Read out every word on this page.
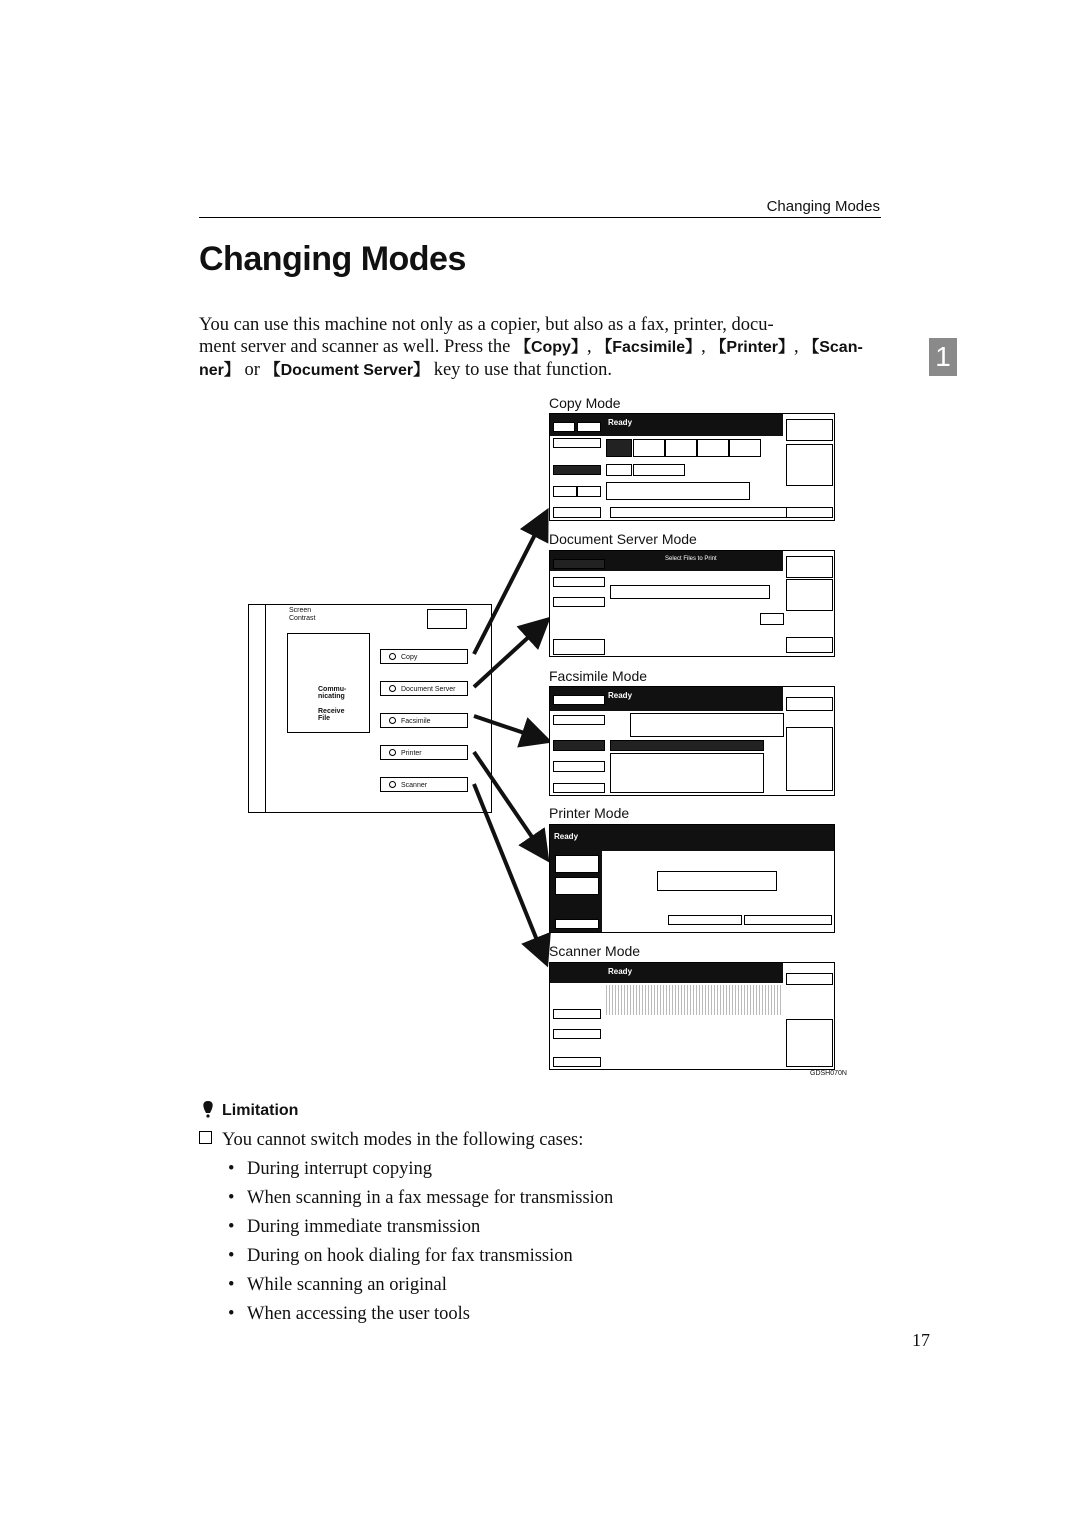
Changing Modes
1
Changing Modes
You can use this machine not only as a copier, but also as a fax, printer, docu-
ment server and scanner as well. Press the 【Copy】, 【Facsimile】, 【Printer】, 【Scan-
ner】 or 【Document Server】 key to use that function.
Screen Contrast
Commu- nicating
Receive File
Copy
Document Server
Facsimile
Printer
Scanner
Copy Mode
Ready
Document Server Mode
Select Files to Print
Facsimile Mode
Ready
Printer Mode
Ready
Scanner Mode
Ready
GDSH070N
Limitation
You cannot switch modes in the following cases:
• During interrupt copying
• When scanning in a fax message for transmission
• During immediate transmission
• During on hook dialing for fax transmission
• While scanning an original
• When accessing the user tools
17
